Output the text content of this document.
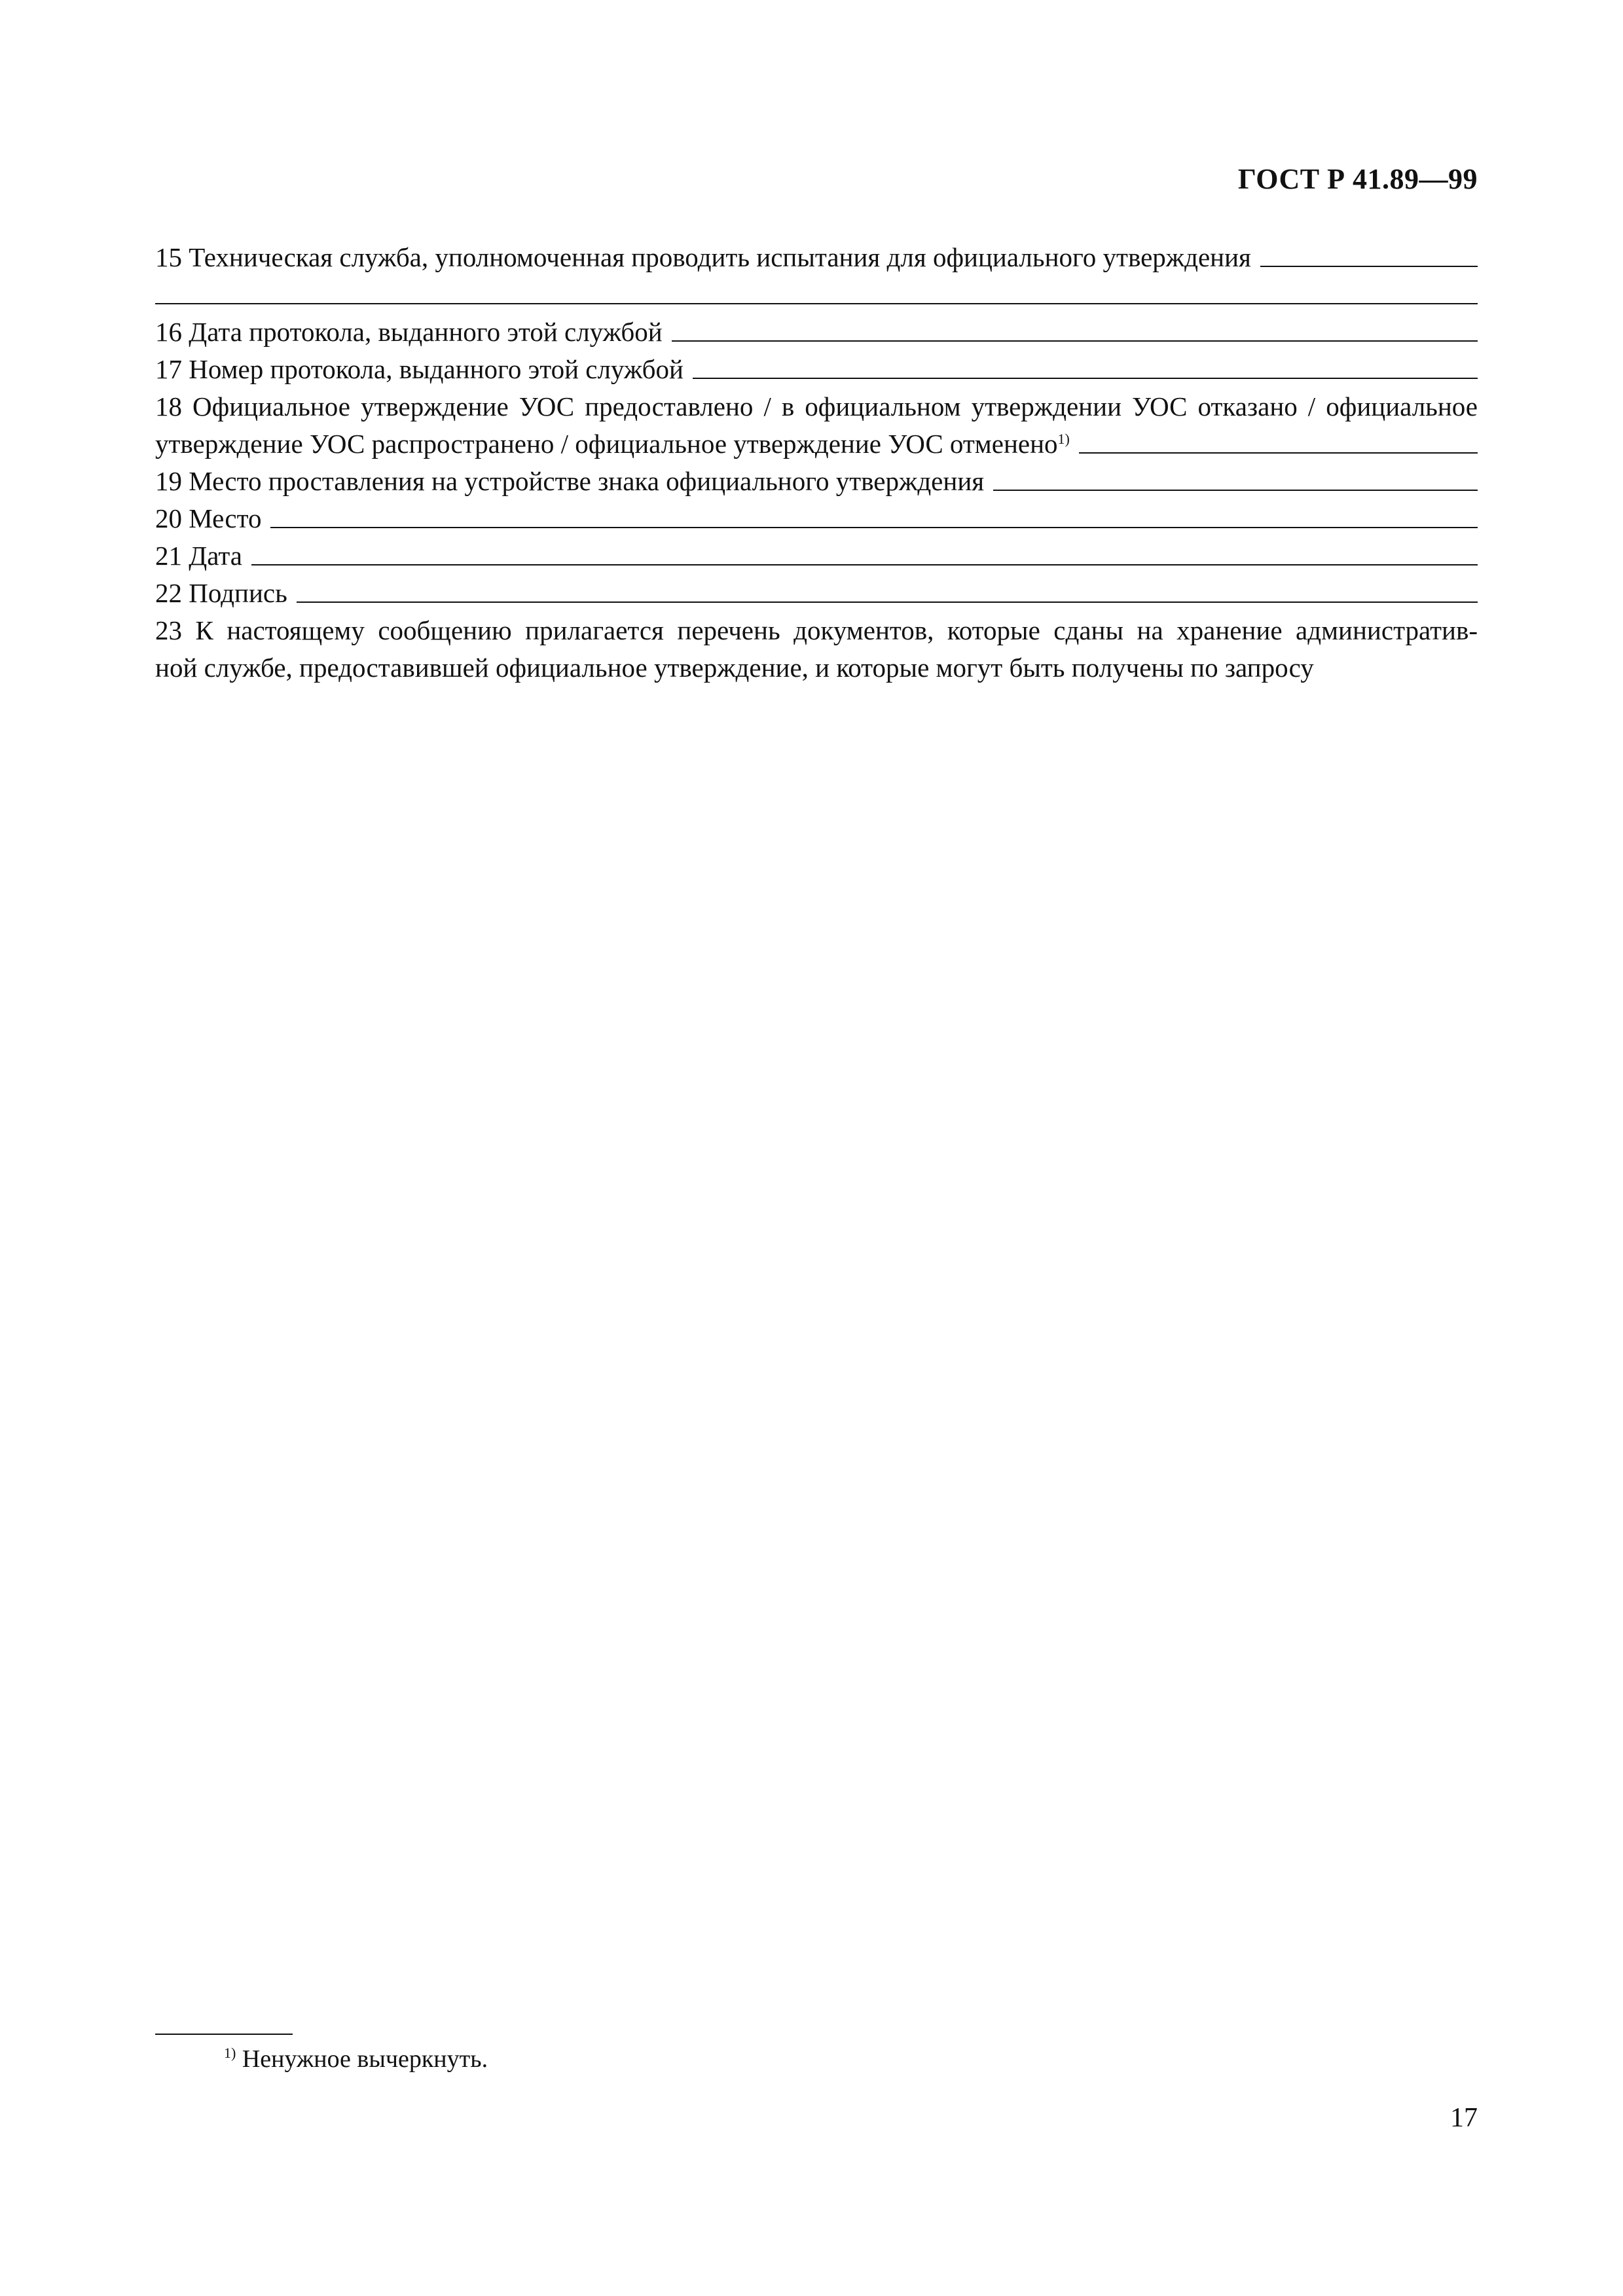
ГОСТ Р 41.89—99
15 Техническая служба, уполномоченная проводить испытания для официального утверждения
16 Дата протокола, выданного этой службой
17 Номер протокола, выданного этой службой
18 Официальное утверждение УОС предоставлено / в официальном утверждении УОС отказано / официальное
утверждение УОС распространено / официальное утверждение УОС отменено$^{1)}$
19 Место проставления на устройстве знака официального утверждения
20 Место
21 Дата
22 Подпись
23 К настоящему сообщению прилагается перечень документов, которые сданы на хранение административ-
ной службе, предоставившей официальное утверждение, и которые могут быть получены по запросу
$^{1)}$ Ненужное вычеркнуть.
17
